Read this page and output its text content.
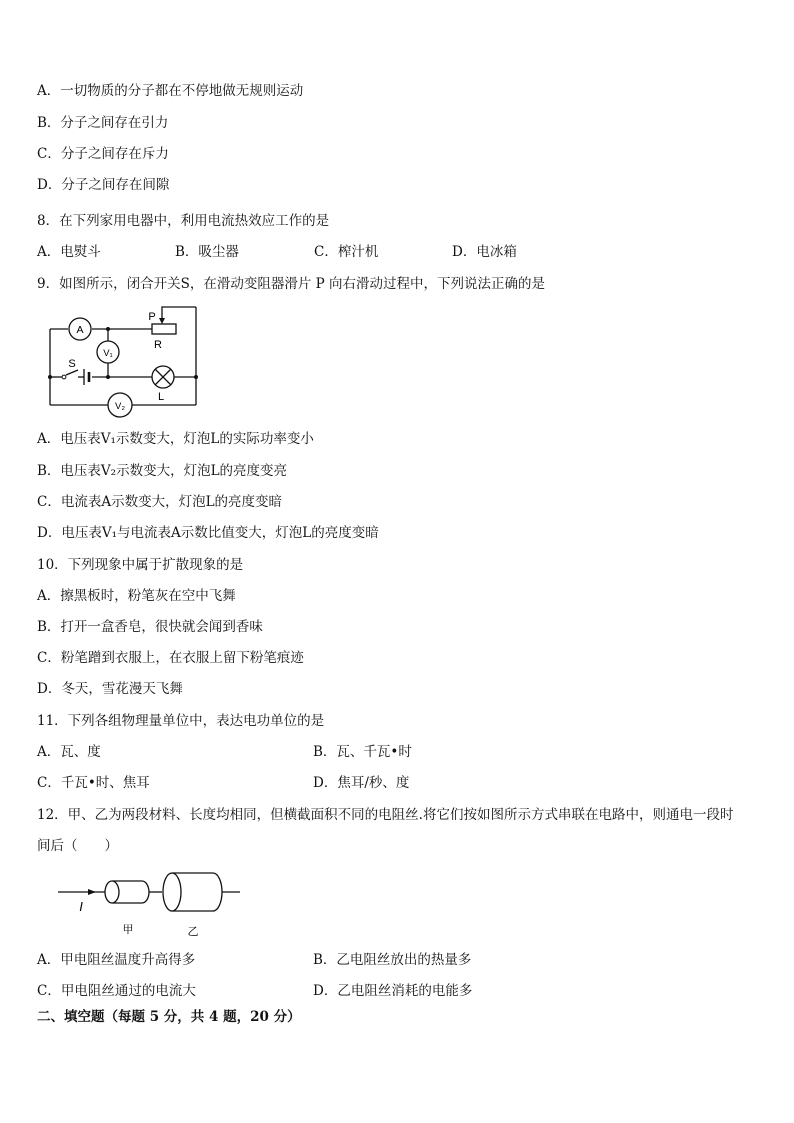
A．一切物质的分子都在不停地做无规则运动
B．分子之间存在引力
C．分子之间存在斥力
D．分子之间存在间隙
8．在下列家用电器中，利用电流热效应工作的是
A．电熨斗	B．吸尘器	C．榨汁机	D．电冰箱
9．如图所示，闭合开关S，在滑动变阻器滑片 P 向右滑动过程中，下列说法正确的是
A
P
R
V₁
S
L
V₂
A．电压表V₁示数变大，灯泡L的实际功率变小
B．电压表V₂示数变大，灯泡L的亮度变亮
C．电流表A示数变大，灯泡L的亮度变暗
D．电压表V₁与电流表A示数比值变大，灯泡L的亮度变暗
10．下列现象中属于扩散现象的是
A．擦黑板时，粉笔灰在空中飞舞
B．打开一盒香皂，很快就会闻到香味
C．粉笔蹭到衣服上，在衣服上留下粉笔痕迹
D．冬天，雪花漫天飞舞
11．下列各组物理量单位中，表达电功单位的是
A．瓦、度	B．瓦、千瓦•时
C．千瓦•时、焦耳	D．焦耳/秒、度
12．甲、乙为两段材料、长度均相同，但横截面积不同的电阻丝.将它们按如图所示方式串联在电路中，则通电一段时
间后（　　）
I
甲	乙
A．甲电阻丝温度升高得多	B．乙电阻丝放出的热量多
C．甲电阻丝通过的电流大	D．乙电阻丝消耗的电能多
二、填空题（每题 5 分，共 4 题，20 分）
